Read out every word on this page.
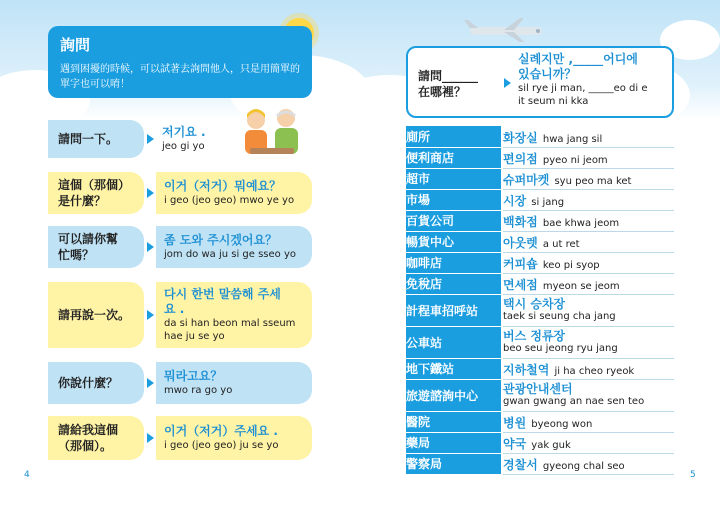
詢問
遇到困擾的時候，可以試著去詢問他人，只是用簡單的單字也可以唷！
請問一下。	저기요 .
jeo gi yo
這個（那個）
是什麼？
이거（저거）뭐예요？
i geo (jeo geo) mwo ye yo
可以請你幫
忙嗎？
좀 도와 주시겠어요？
jom do wa ju si ge sseo yo
請再說一次。

다시 한번 말씀해 주세
요 .
da si han beon mal sseum
hae ju se yo
你說什麼？	뭐라고요？
mwo ra go yo
請給我這個
（那個）。
이거（저거）주세요 .
i geo (jeo geo) ju se yo
4
請問______
在哪裡？
실례지만 ,_____어디에
있습니까？
sil rye ji man, _____eo di e
it seum ni kka
廁所	화장실 hwa jang sil
便利商店	편의점 pyeo ni jeom
超市	슈퍼마켓 syu peo ma ket
市場	시장 si jang
百貨公司	백화점 bae khwa jeom
暢貨中心	아웃렛 a ut ret
咖啡店	커피숍 keo pi syop
免稅店	면세점 myeon se jeom
計程車招呼站	택시 승차장
taek si seung cha jang

公車站	버스 정류장
beo seu jeong ryu jang

地下鐵站	지하철역 ji ha cheo ryeok
旅遊諮詢中心	관광안내센터
gwan gwang an nae sen teo

醫院	병원 byeong won
藥局	약국 yak guk
警察局	경찰서 gyeong chal seo
5
